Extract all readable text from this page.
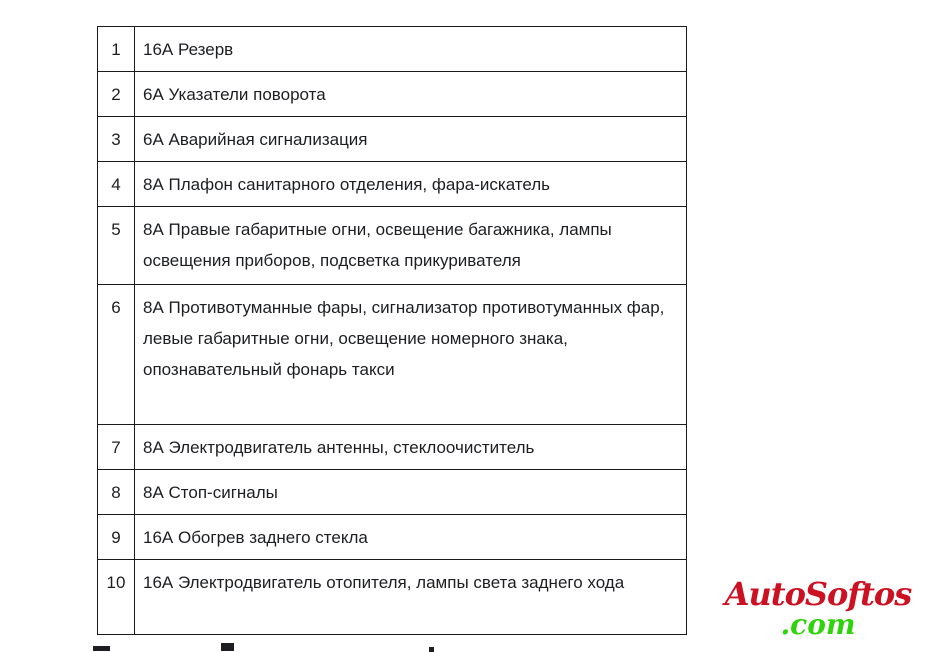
1	16А Резерв
2	6А Указатели поворота
3	6А Аварийная сигнализация
4	8А Плафон санитарного отделения, фара-искатель
5	8А Правые габаритные огни, освещение багажника, лампы освещения приборов, подсветка прикуривателя
6	8А Противотуманные фары, сигнализатор противотуманных фар, левые габаритные огни, освещение номерного знака, опознавательный фонарь такси
7	8А Электродвигатель антенны, стеклоочиститель
8	8А Стоп-сигналы
9	16А Обогрев заднего стекла
10	16А Электродвигатель отопителя, лампы света заднего хода	AutoSoftos
.com
